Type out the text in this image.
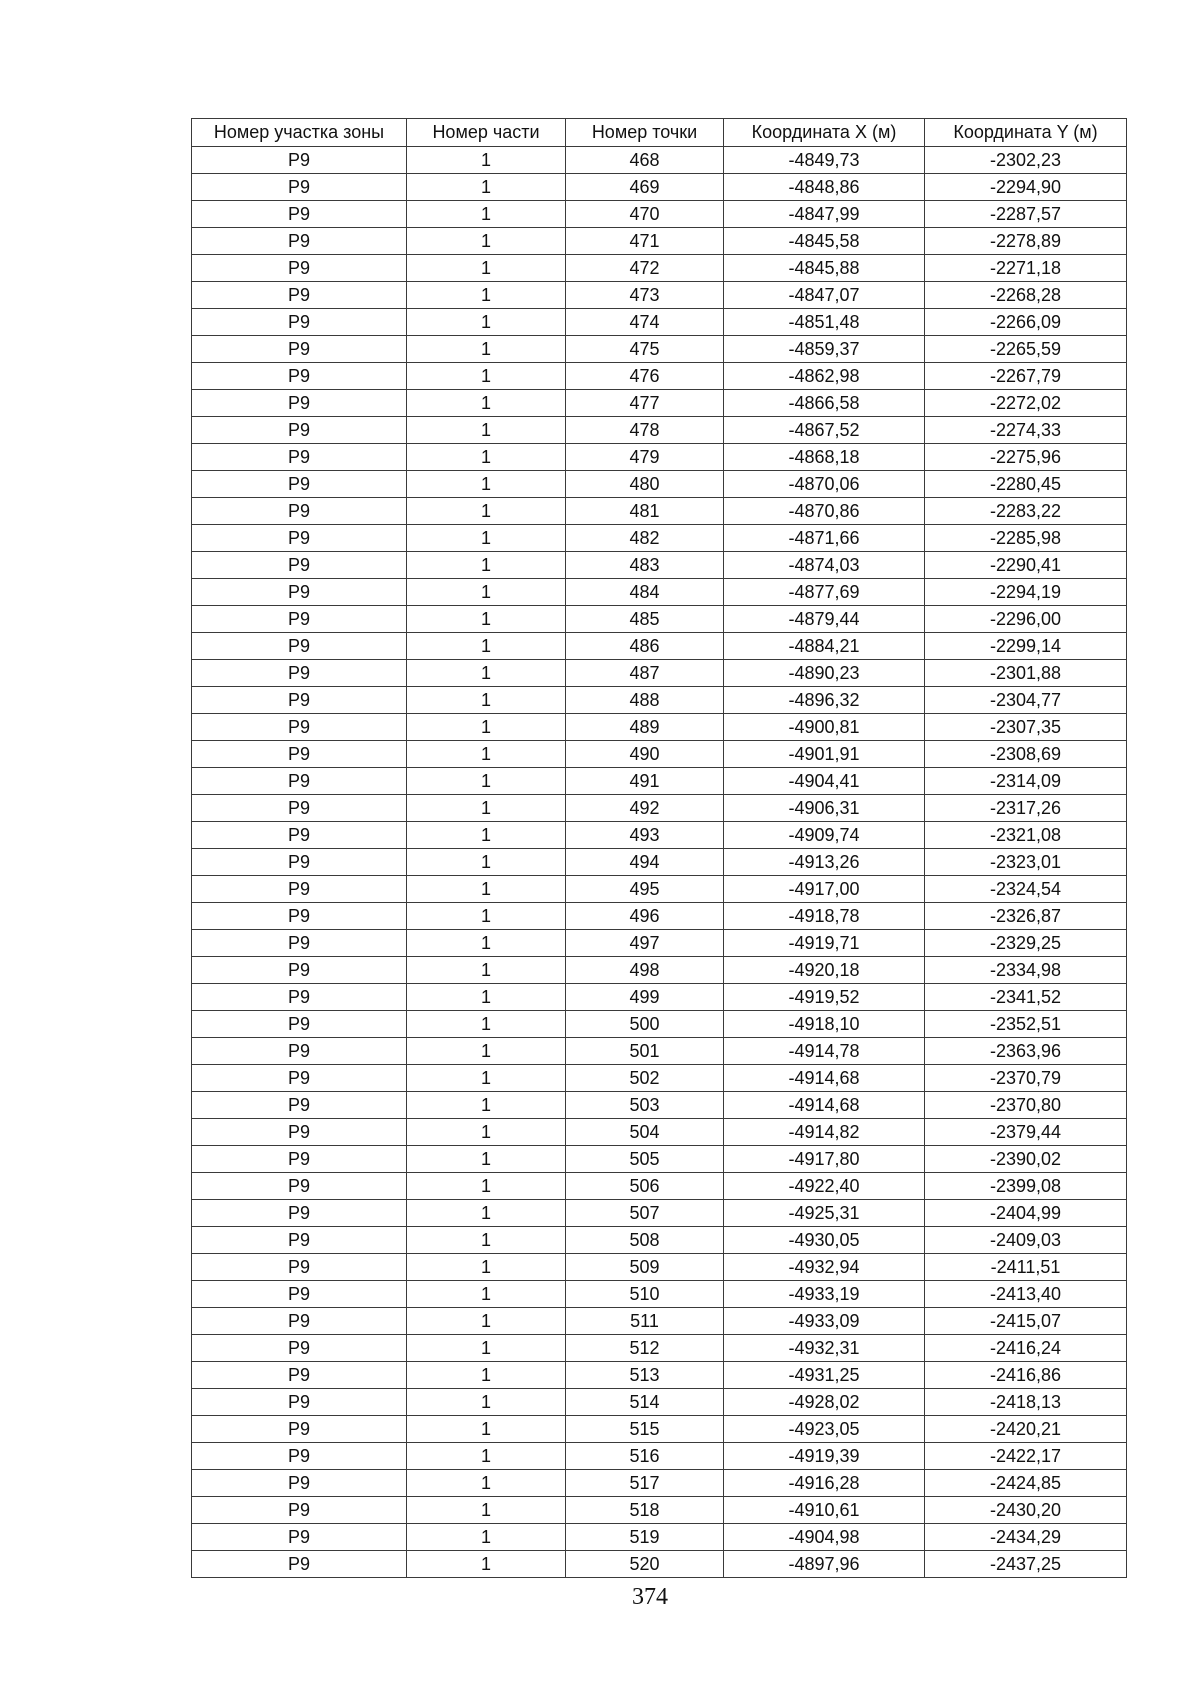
Номер участка зоны	Номер части	Номер точки	Координата X (м)	Координата Y (м)
Р9	1	468	-4849,73	-2302,23
Р9	1	469	-4848,86	-2294,90
Р9	1	470	-4847,99	-2287,57
Р9	1	471	-4845,58	-2278,89
Р9	1	472	-4845,88	-2271,18
Р9	1	473	-4847,07	-2268,28
Р9	1	474	-4851,48	-2266,09
Р9	1	475	-4859,37	-2265,59
Р9	1	476	-4862,98	-2267,79
Р9	1	477	-4866,58	-2272,02
Р9	1	478	-4867,52	-2274,33
Р9	1	479	-4868,18	-2275,96
Р9	1	480	-4870,06	-2280,45
Р9	1	481	-4870,86	-2283,22
Р9	1	482	-4871,66	-2285,98
Р9	1	483	-4874,03	-2290,41
Р9	1	484	-4877,69	-2294,19
Р9	1	485	-4879,44	-2296,00
Р9	1	486	-4884,21	-2299,14
Р9	1	487	-4890,23	-2301,88
Р9	1	488	-4896,32	-2304,77
Р9	1	489	-4900,81	-2307,35
Р9	1	490	-4901,91	-2308,69
Р9	1	491	-4904,41	-2314,09
Р9	1	492	-4906,31	-2317,26
Р9	1	493	-4909,74	-2321,08
Р9	1	494	-4913,26	-2323,01
Р9	1	495	-4917,00	-2324,54
Р9	1	496	-4918,78	-2326,87
Р9	1	497	-4919,71	-2329,25
Р9	1	498	-4920,18	-2334,98
Р9	1	499	-4919,52	-2341,52
Р9	1	500	-4918,10	-2352,51
Р9	1	501	-4914,78	-2363,96
Р9	1	502	-4914,68	-2370,79
Р9	1	503	-4914,68	-2370,80
Р9	1	504	-4914,82	-2379,44
Р9	1	505	-4917,80	-2390,02
Р9	1	506	-4922,40	-2399,08
Р9	1	507	-4925,31	-2404,99
Р9	1	508	-4930,05	-2409,03
Р9	1	509	-4932,94	-2411,51
Р9	1	510	-4933,19	-2413,40
Р9	1	511	-4933,09	-2415,07
Р9	1	512	-4932,31	-2416,24
Р9	1	513	-4931,25	-2416,86
Р9	1	514	-4928,02	-2418,13
Р9	1	515	-4923,05	-2420,21
Р9	1	516	-4919,39	-2422,17
Р9	1	517	-4916,28	-2424,85
Р9	1	518	-4910,61	-2430,20
Р9	1	519	-4904,98	-2434,29
Р9	1	520	-4897,96	-2437,25
374
